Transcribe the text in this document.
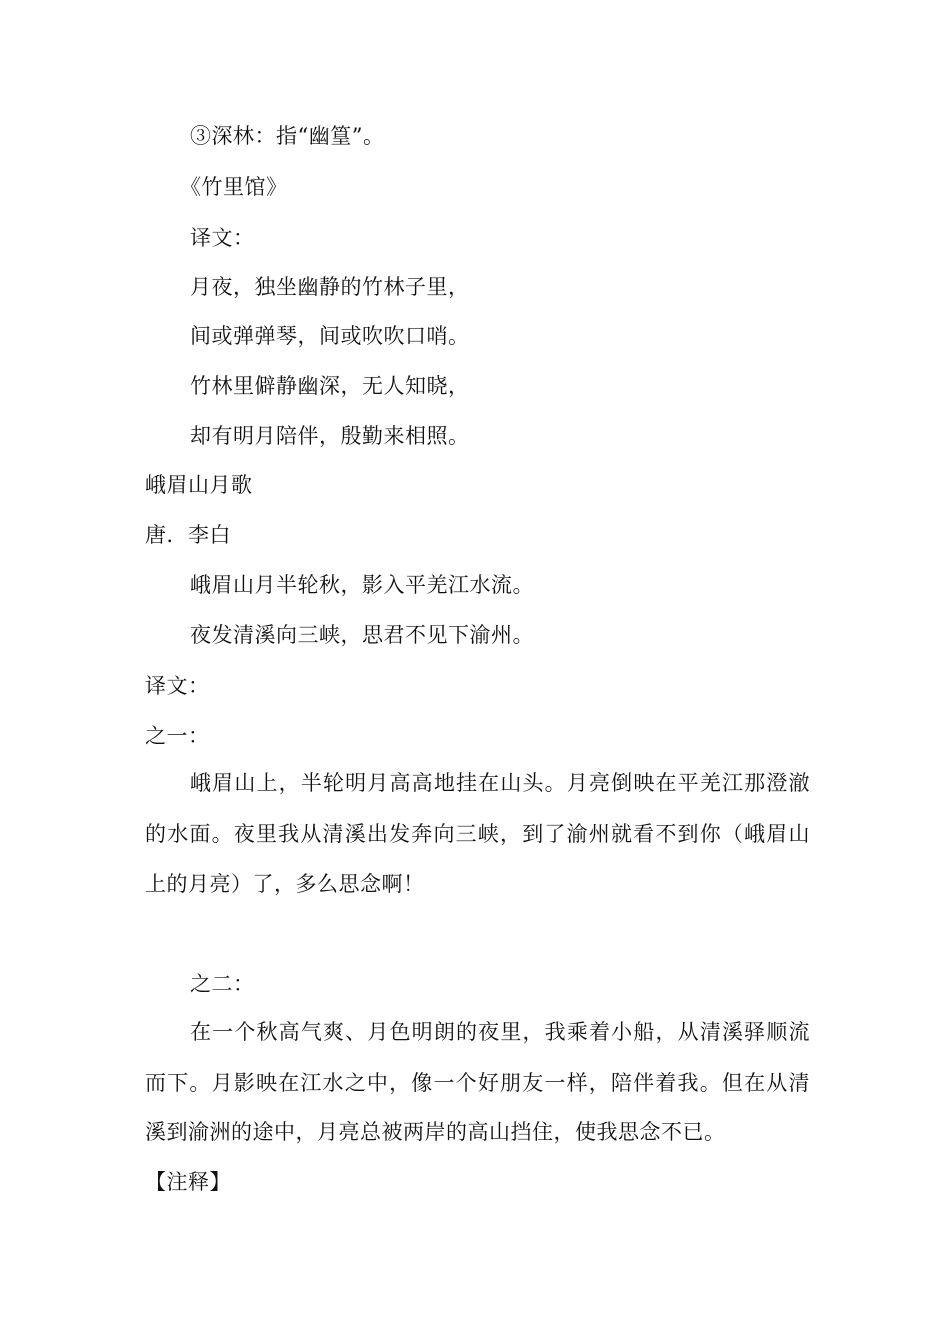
③深林：指“幽篁”。
《竹里馆》
译文：
月夜，独坐幽静的竹林子里，
间或弹弹琴，间或吹吹口哨。
竹林里僻静幽深，无人知晓，
却有明月陪伴，殷勤来相照。
峨眉山月歌
唐．李白
峨眉山月半轮秋，影入平羌江水流。
夜发清溪向三峡，思君不见下渝州。
译文：
之一：
峨眉山上，半轮明月高高地挂在山头。月亮倒映在平羌江那澄澈
的水面。夜里我从清溪出发奔向三峡，到了渝州就看不到你（峨眉山
上的月亮）了，多么思念啊！
之二：
在一个秋高气爽、月色明朗的夜里，我乘着小船，从清溪驿顺流
而下。月影映在江水之中，像一个好朋友一样，陪伴着我。但在从清
溪到渝洲的途中，月亮总被两岸的高山挡住，使我思念不已。
【注释】
